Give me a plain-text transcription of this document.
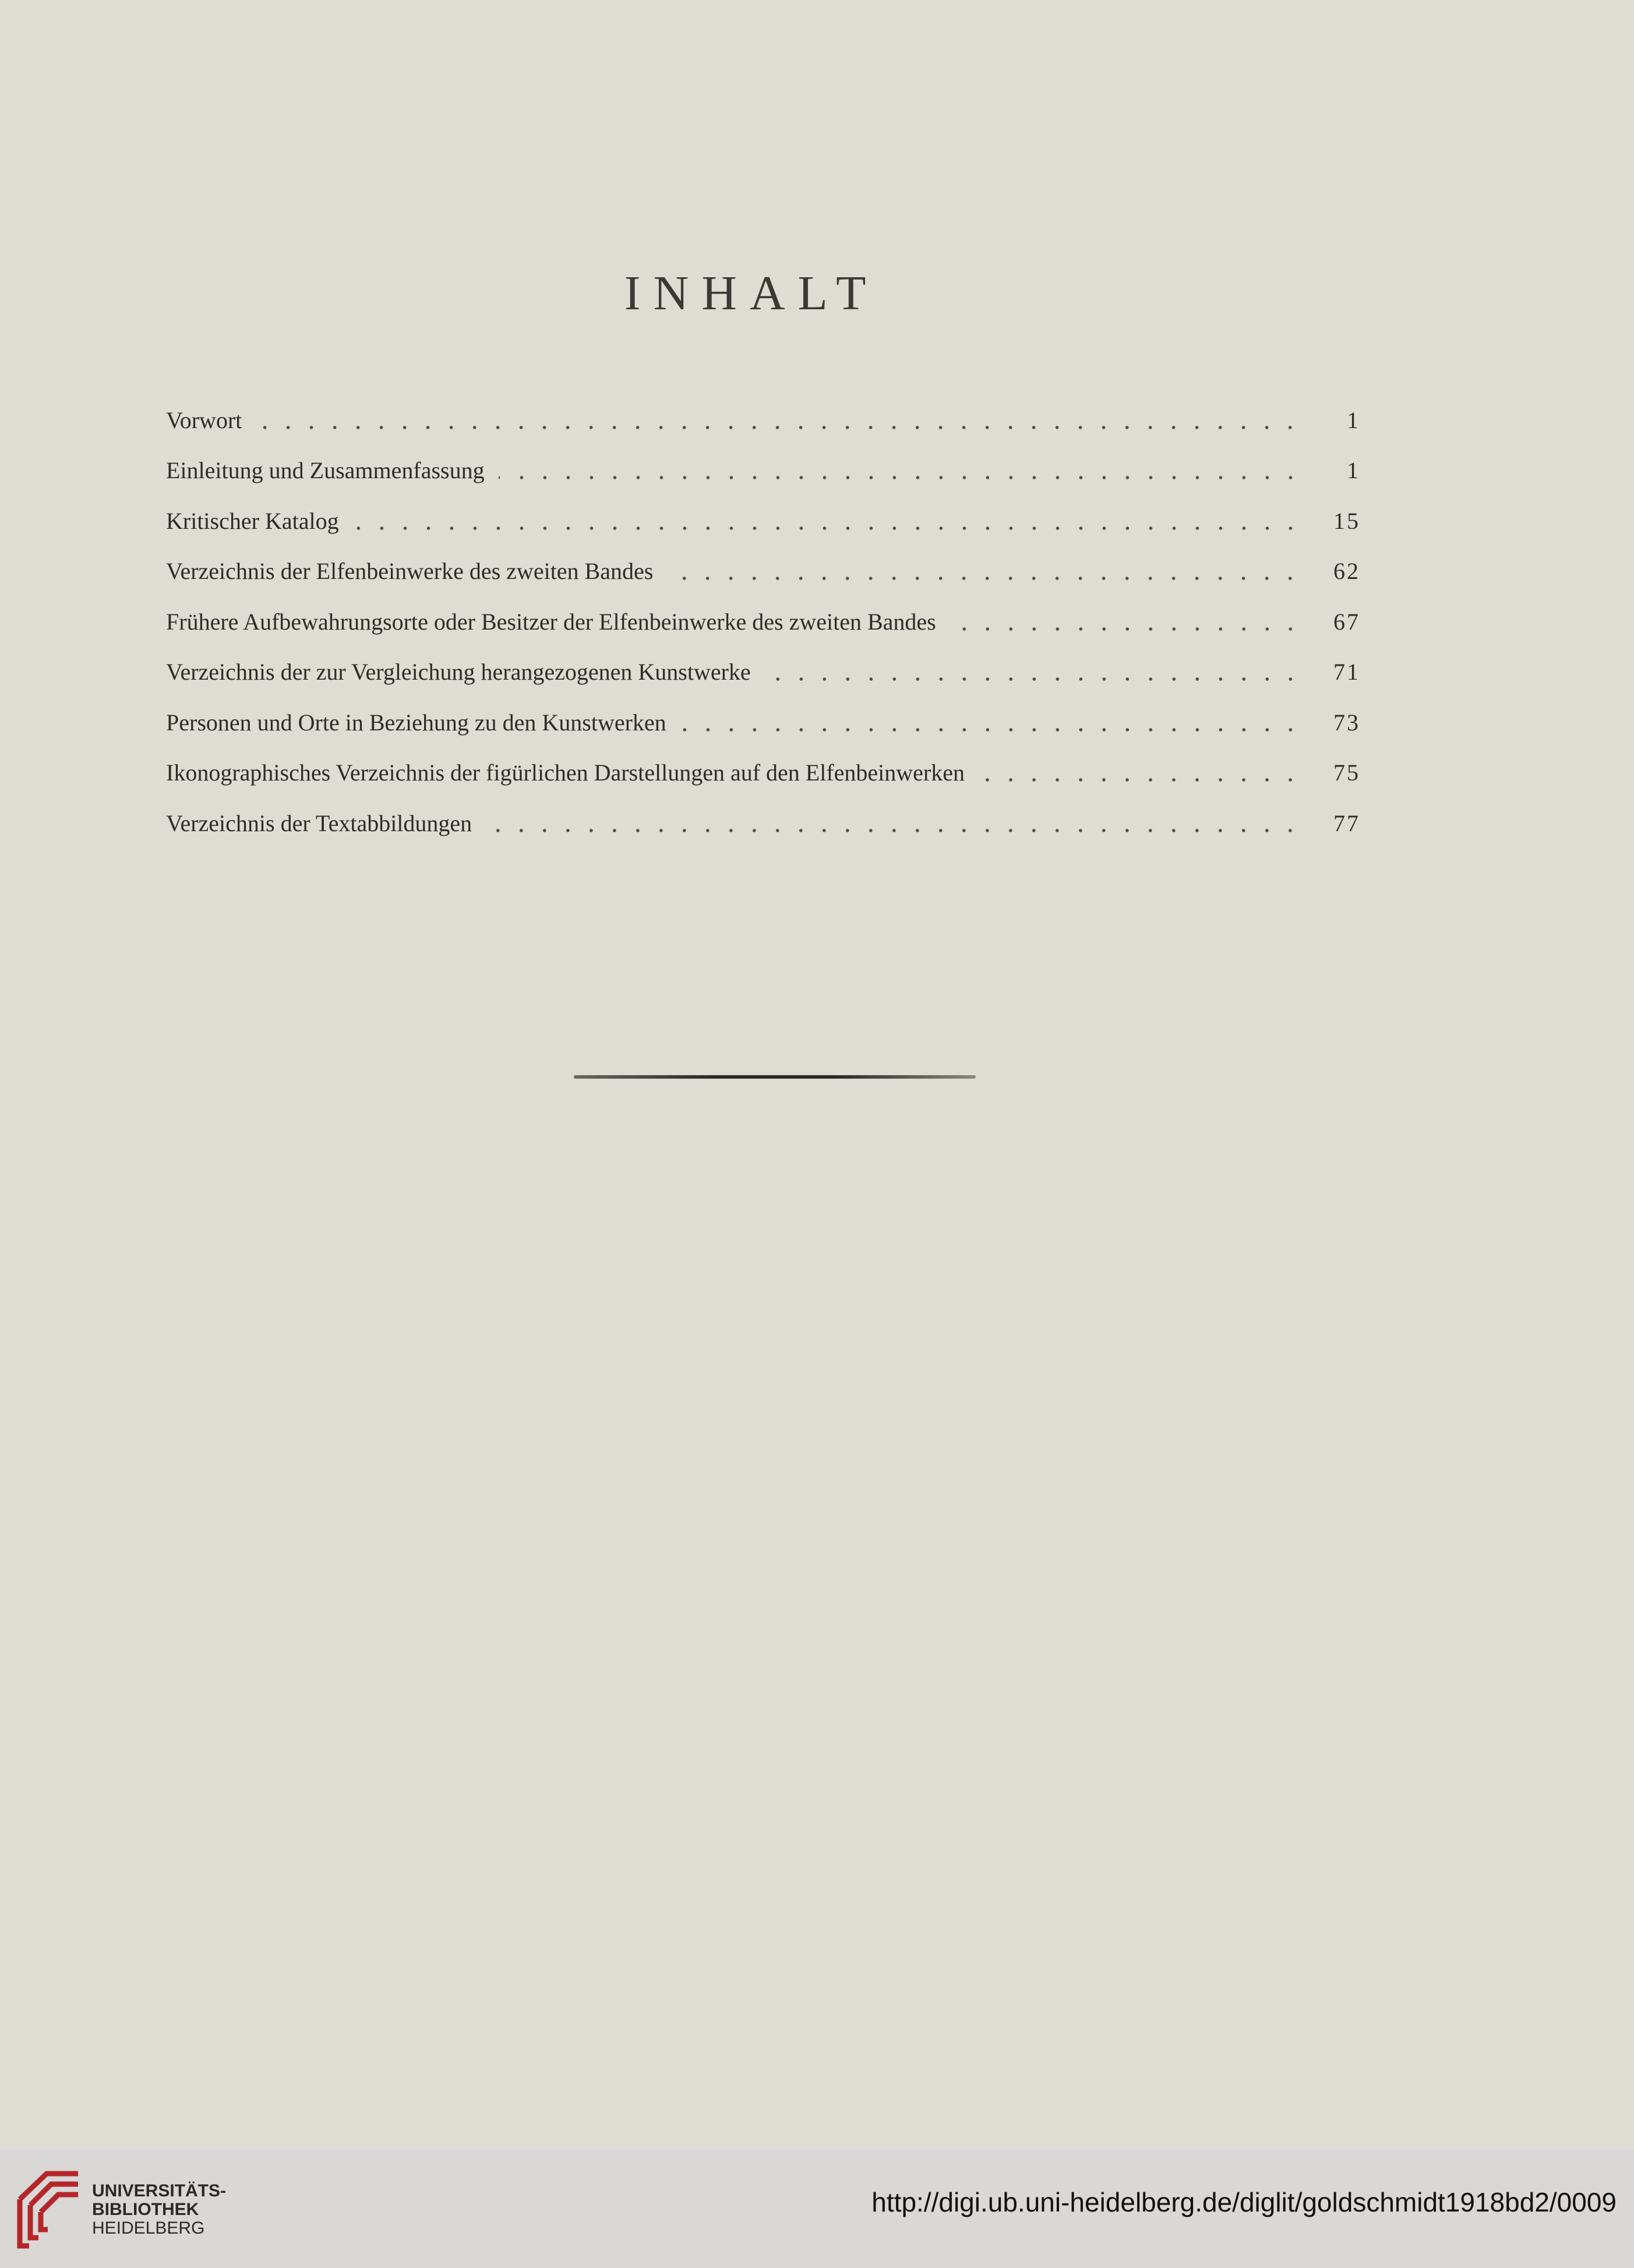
INHALT
Vorwort	1
Einleitung und Zusammenfassung	1
Kritischer Katalog	15
Verzeichnis der Elfenbeinwerke des zweiten Bandes	62
Frühere Aufbewahrungsorte oder Besitzer der Elfenbeinwerke des zweiten Bandes	67
Verzeichnis der zur Vergleichung herangezogenen Kunstwerke	71
Personen und Orte in Beziehung zu den Kunstwerken	73
Ikonographisches Verzeichnis der figürlichen Darstellungen auf den Elfenbeinwerken	75
Verzeichnis der Textabbildungen	77
UNIVERSITÄTS-
BIBLIOTHEK
HEIDELBERG
http://digi.ub.uni-heidelberg.de/diglit/goldschmidt1918bd2/0009
